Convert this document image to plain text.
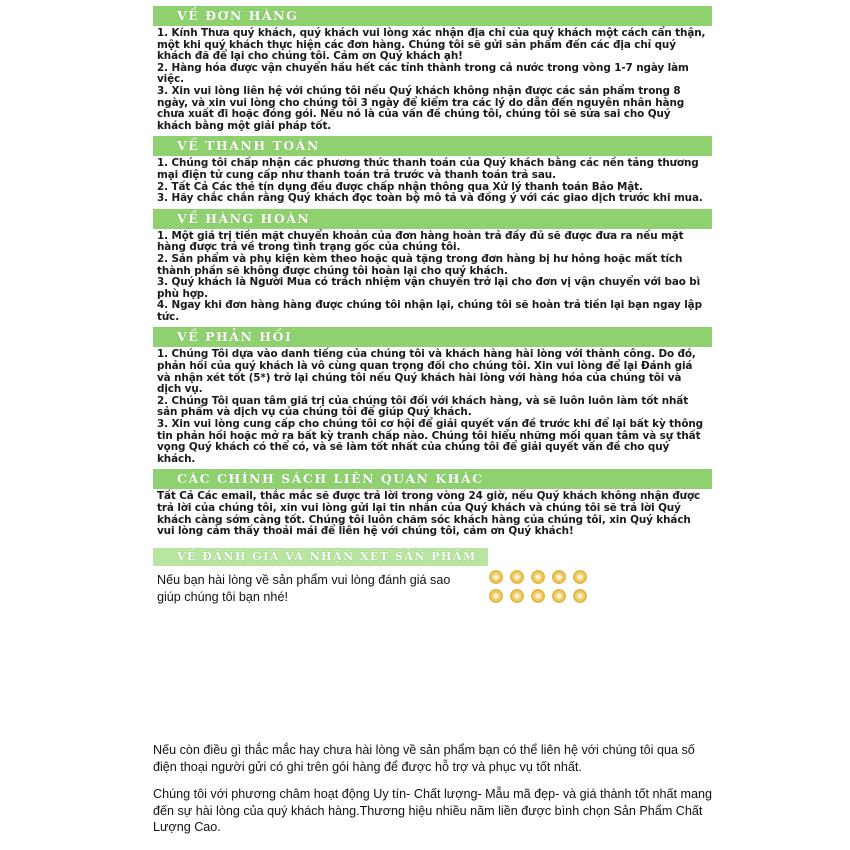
VỀ ĐƠN HÀNG
1. Kính Thưa quý khách, quý khách vui lòng xác nhận địa chỉ của quý khách một cách cẩn thận, một khi quý khách thực hiện các đơn hàng. Chúng tôi sẽ gửi sản phẩm đến các địa chỉ quý khách đã để lại cho chúng tôi. Cảm ơn Quý khách ạh!
2. Hàng hóa được vận chuyển hầu hết các tỉnh thành trong cả nước trong vòng 1-7 ngày làm việc.
3. Xin vui lòng liên hệ với chúng tôi nếu Quý khách không nhận được các sản phẩm trong 8 ngày, và xin vui lòng cho chúng tôi 3 ngày để kiểm tra các lý do dẫn đến nguyên nhân hàng chưa xuất đi hoặc đóng gói. Nếu nó là của vấn đề chúng tôi, chúng tôi sẽ sửa sai cho Quý khách bằng một giải pháp tốt.
VỀ THANH TOÁN
1. Chúng tôi chấp nhận các phương thức thanh toán của Quý khách bằng các nền tảng thương mại điện tử cung cấp như thanh toán trả trước và thanh toán trả sau.
2. Tất Cả Các thẻ tín dụng đều được chấp nhận thông qua Xử lý thanh toán Bảo Mật.
3. Hãy chắc chắn rằng Quý khách đọc toàn bộ mô tả và đồng ý với các giao dịch trước khi mua.
VỀ HÀNG HOÀN
1. Một giá trị tiền mặt chuyển khoản của đơn hàng hoàn trả đầy đủ sẽ được đưa ra nếu mặt hàng được trả về trong tình trạng gốc của chúng tôi.
2. Sản phẩm và phụ kiện kèm theo hoặc quà tặng trong đơn hàng bị hư hỏng hoặc mất tích thành phần sẽ không được chúng tôi hoàn lại cho quý khách.
3. Quý khách là Người Mua có trách nhiệm vận chuyển trở lại cho đơn vị vận chuyển với bao bì phù hợp.
4. Ngay khi đơn hàng hàng được chúng tôi nhận lại, chúng tôi sẽ hoàn trả tiền lại bạn ngay lập tức.
VỀ PHẢN HỒI
1. Chúng Tôi dựa vào danh tiếng của chúng tôi và khách hàng hài lòng với thành công. Do đó, phản hồi của quý khách là vô cùng quan trọng đối cho chúng tôi. Xin vui lòng để lại Đánh giá và nhận xét tốt (5*) trở lại chúng tôi nếu Quý khách hài lòng với hàng hóa của chúng tôi và dịch vụ.
2. Chúng Tôi quan tâm giá trị của chúng tôi đối với khách hàng, và sẽ luôn luôn làm tốt nhất sản phẩm và dịch vụ của chúng tôi để giúp Quý khách.
3. Xin vui lòng cung cấp cho chúng tôi cơ hội để giải quyết vấn đề trước khi để lại bất kỳ thông tin phản hồi hoặc mở ra bất kỳ tranh chấp nào. Chúng tôi hiểu những mối quan tâm và sự thất vọng Quý khách có thể có, và sẽ làm tốt nhất của chúng tôi để giải quyết vấn đề cho quý khách.
CÁC CHÍNH SÁCH LIÊN QUAN KHÁC
Tất Cả Các email, thắc mắc sẽ được trả lời trong vòng 24 giờ, nếu Quý khách không nhận được trả lời của chúng tôi, xin vui lòng gửi lại tin nhắn của Quý khách và chúng tôi sẽ trả lời Quý khách càng sớm càng tốt. Chúng tôi luôn chăm sóc khách hàng của chúng tôi, xin Quý khách vui lòng cảm thấy thoải mái để liên hệ với chúng tôi, cảm ơn Quý khách!
VỀ ĐÁNH GIÁ VÀ NHẬN XÉT SẢN PHẨM
Nếu bạn hài lòng về sản phẩm vui lòng đánh giá sao giúp chúng tôi bạn nhé!
Nếu còn điều gì thắc mắc hay chưa hài lòng về sản phẩm bạn có thể liên hệ với chúng tôi qua số điện thoại người gửi có ghi trên gói hàng để được hỗ trợ và phục vụ tốt nhất.
Chúng tôi với phương châm hoạt động Uy tín- Chất lượng- Mẫu mã đẹp- và giá thành tốt nhất mang đến sự hài lòng của quý khách hàng.Thương hiệu nhiều năm liền được bình chọn Sản Phẩm Chất Lượng Cao.
